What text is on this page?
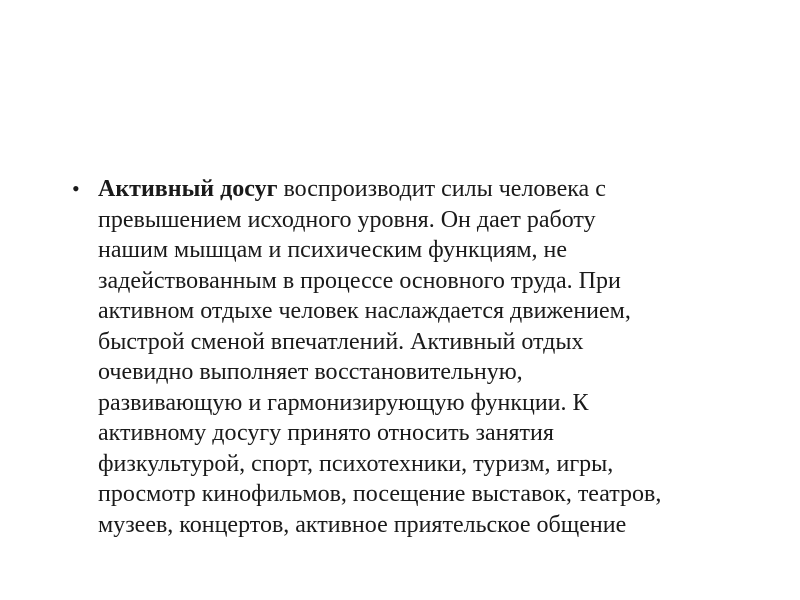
• Активный досуг воспроизводит силы человека с
превышением исходного уровня. Он дает работу
нашим мышцам и психическим функциям, не
задействованным в процессе основного труда. При
активном отдыхе человек наслаждается движением,
быстрой сменой впечатлений. Активный отдых
очевидно выполняет восстановительную,
развивающую и гармонизирующую функции. К
активному досугу принято относить занятия
физкультурой, спорт, психотехники, туризм, игры,
просмотр кинофильмов, посещение выставок, театров,
музеев, концертов, активное приятельское общение
